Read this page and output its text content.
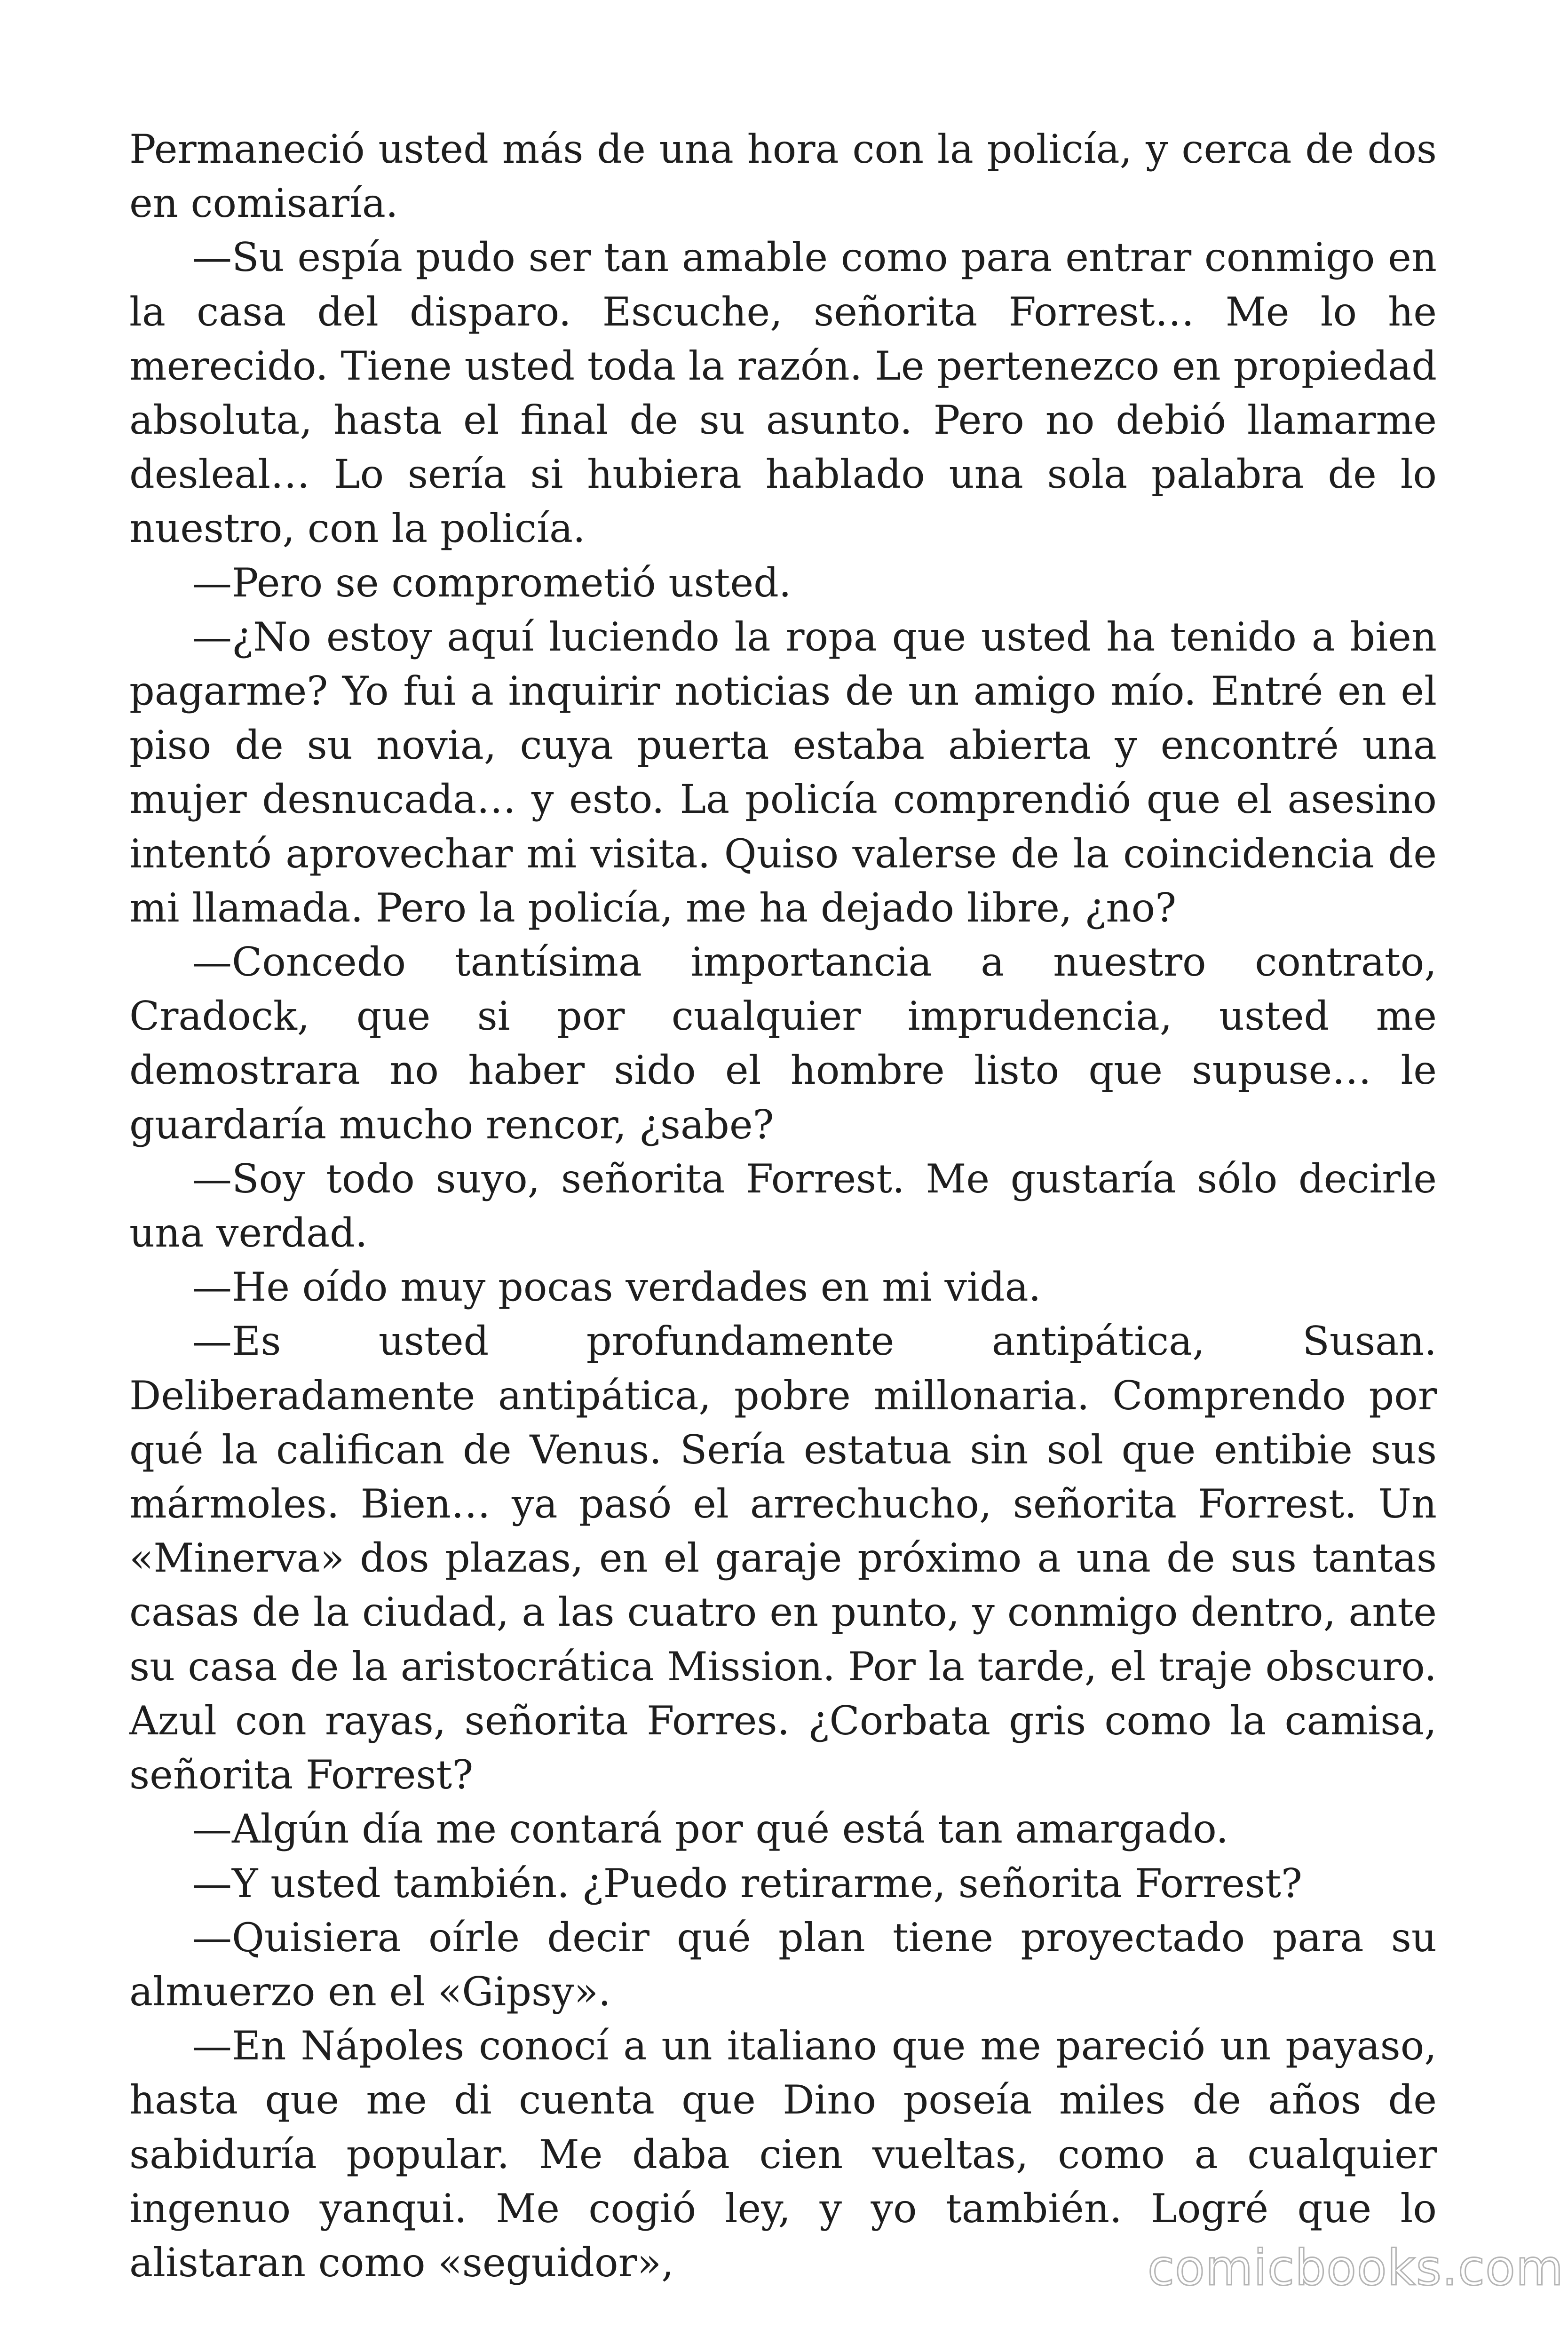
Permaneció usted más de una hora con la policía, y cerca de dos en comisaría.

—Su espía pudo ser tan amable como para entrar conmigo en la casa del disparo. Escuche, señorita Forrest… Me lo he merecido. Tiene usted toda la razón. Le pertenezco en propiedad absoluta, hasta el final de su asunto. Pero no debió llamarme desleal… Lo sería si hubiera hablado una sola palabra de lo nuestro, con la policía.

—Pero se comprometió usted.

—¿No estoy aquí luciendo la ropa que usted ha tenido a bien pagarme? Yo fui a inquirir noticias de un amigo mío. Entré en el piso de su novia, cuya puerta estaba abierta y encontré una mujer desnucada… y esto. La policía comprendió que el asesino intentó aprovechar mi visita. Quiso valerse de la coincidencia de mi llamada. Pero la policía, me ha dejado libre, ¿no?

—Concedo tantísima importancia a nuestro contrato, Cradock, que si por cualquier imprudencia, usted me demostrara no haber sido el hombre listo que supuse… le guardaría mucho rencor, ¿sabe?

—Soy todo suyo, señorita Forrest. Me gustaría sólo decirle una verdad.

—He oído muy pocas verdades en mi vida.

—Es usted profundamente antipática, Susan. Deliberadamente antipática, pobre millonaria. Comprendo por qué la califican de Venus. Sería estatua sin sol que entibie sus mármoles. Bien… ya pasó el arrechucho, señorita Forrest. Un «Minerva» dos plazas, en el garaje próximo a una de sus tantas casas de la ciudad, a las cuatro en punto, y conmigo dentro, ante su casa de la aristocrática Mission. Por la tarde, el traje obscuro. Azul con rayas, señorita Forres. ¿Corbata gris como la camisa, señorita Forrest?

—Algún día me contará por qué está tan amargado.

—Y usted también. ¿Puedo retirarme, señorita Forrest?

—Quisiera oírle decir qué plan tiene proyectado para su almuerzo en el «Gipsy».

—En Nápoles conocí a un italiano que me pareció un payaso, hasta que me di cuenta que Dino poseía miles de años de sabiduría popular. Me daba cien vueltas, como a cualquier ingenuo yanqui. Me cogió ley, y yo también. Logré que lo alistaran como «seguidor»,	comicbooks.com
